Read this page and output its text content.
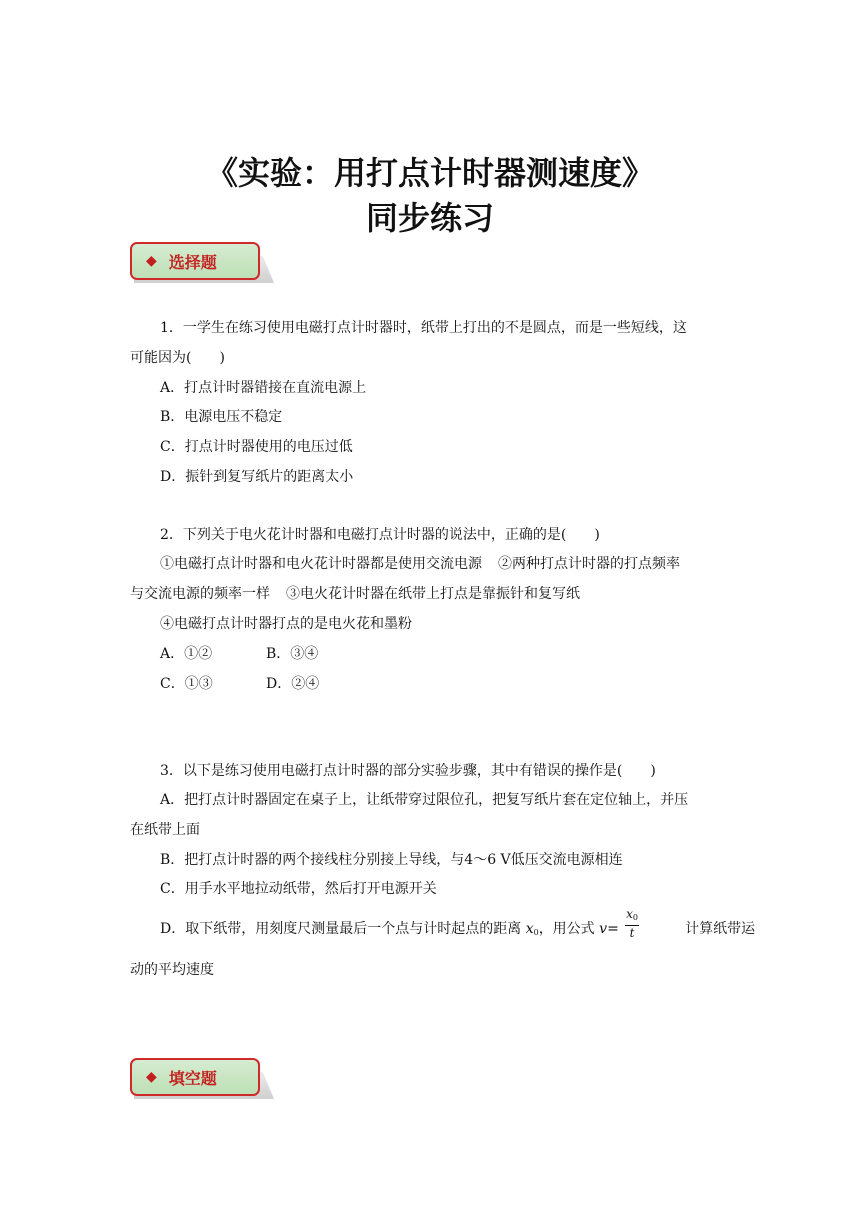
《实验：用打点计时器测速度》
同步练习
◆ 选择题
1．一学生在练习使用电磁打点计时器时，纸带上打出的不是圆点，而是一些短线，这
可能因为(　　)
A．打点计时器错接在直流电源上
B．电源电压不稳定
C．打点计时器使用的电压过低
D．振针到复写纸片的距离太小
2．下列关于电火花计时器和电磁打点计时器的说法中，正确的是(　　)
①电磁打点计时器和电火花计时器都是使用交流电源 ②两种打点计时器的打点频率
与交流电源的频率一样 ③电火花计时器在纸带上打点是靠振针和复写纸
④电磁打点计时器打点的是电火花和墨粉
A．①②	B．③④
C．①③	D．②④
3．以下是练习使用电磁打点计时器的部分实验步骤，其中有错误的操作是(　　)
A．把打点计时器固定在桌子上，让纸带穿过限位孔，把复写纸片套在定位轴上，并压
在纸带上面
B．把打点计时器的两个接线柱分别接上导线，与4～6 V低压交流电源相连
C．用手水平地拉动纸带，然后打开电源开关
D．取下纸带，用刻度尺测量最后一个点与计时起点的距离 $x_0$，用公式 $v= \frac{x_0}{t}$	计算纸带运
动的平均速度
◆ 填空题
